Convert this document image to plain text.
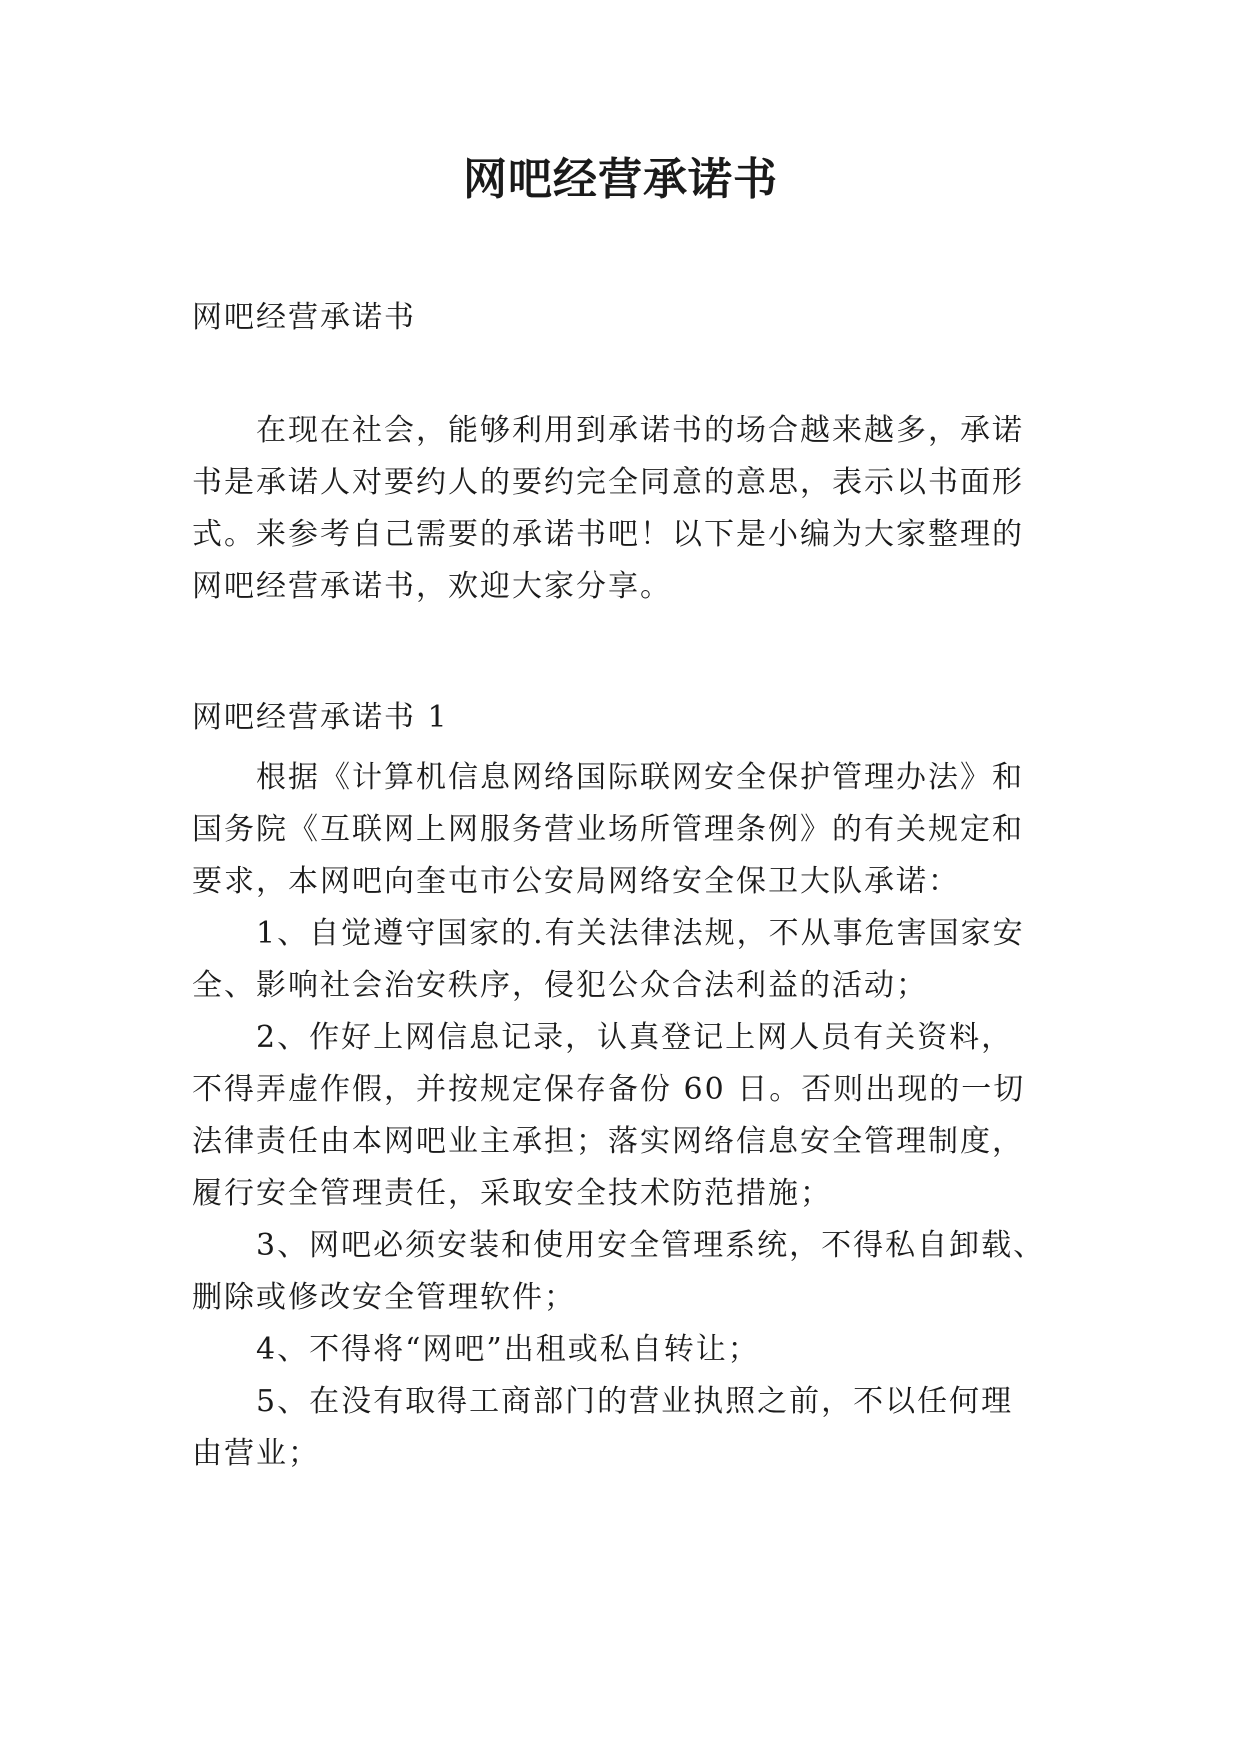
网吧经营承诺书
网吧经营承诺书
在现在社会，能够利用到承诺书的场合越来越多，承诺
书是承诺人对要约人的要约完全同意的意思，表示以书面形
式。来参考自己需要的承诺书吧！以下是小编为大家整理的
网吧经营承诺书，欢迎大家分享。
网吧经营承诺书 1
根据《计算机信息网络国际联网安全保护管理办法》和
国务院《互联网上网服务营业场所管理条例》的有关规定和
要求，本网吧向奎屯市公安局网络安全保卫大队承诺：
1、自觉遵守国家的.有关法律法规，不从事危害国家安
全、影响社会治安秩序，侵犯公众合法利益的活动；
2、作好上网信息记录，认真登记上网人员有关资料，
不得弄虚作假，并按规定保存备份 60 日。否则出现的一切
法律责任由本网吧业主承担；落实网络信息安全管理制度，
履行安全管理责任，采取安全技术防范措施；
3、网吧必须安装和使用安全管理系统，不得私自卸载、
删除或修改安全管理软件；
4、不得将“网吧”出租或私自转让；
5、在没有取得工商部门的营业执照之前，不以任何理
由营业；
